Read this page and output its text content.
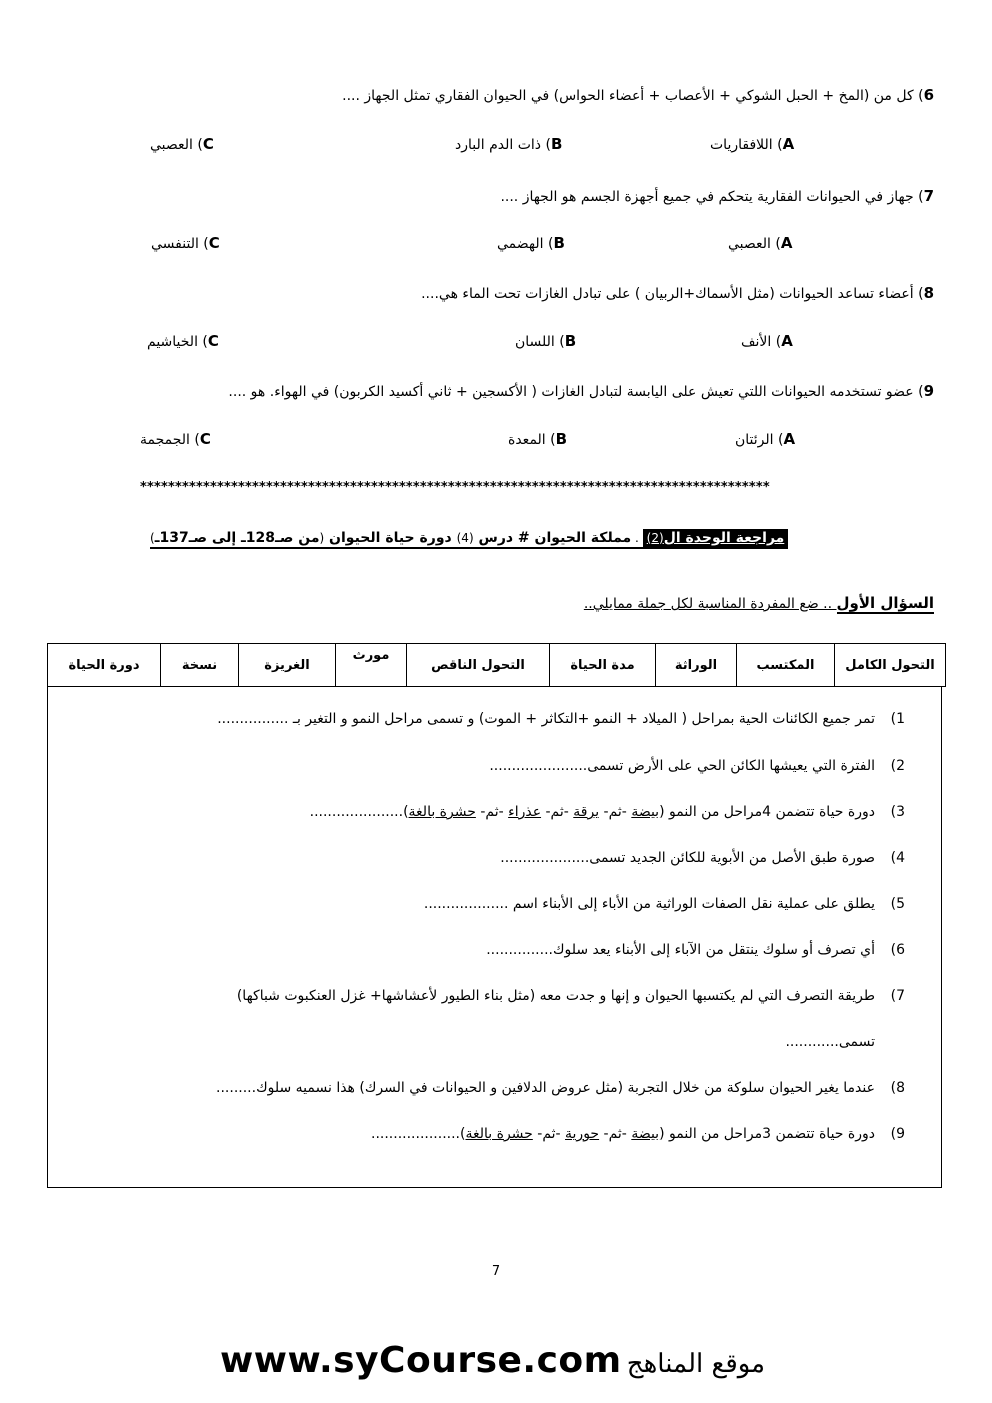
6) كل من (المخ + الحبل الشوكي + الأعصاب + أعضاء الحواس) في الحيوان الفقاري تمثل الجهاز ....
A) اللافقاريات
B) ذات الدم البارد
C) العصبي
7) جهاز في الحيوانات الفقارية يتحكم في جميع أجهزة الجسم هو الجهاز ....
A) العصبي
B) الهضمي
C) التنفسي
8) أعضاء تساعد الحيوانات (مثل الأسماك+الربيان ) على تبادل الغازات تحت الماء هي....
A) الأنف
B) اللسان
C) الخياشيم
9) عضو تستخدمه الحيوانات اللتي تعيش على اليابسة لتبادل الغازات ( الأكسجين + ثاني أكسيد الكربون) في الهواء. هو ....
A) الرئتان
B) المعدة
C) الجمجمة
******************************************************************************************
مراجعة الوحدة ال(2) . مملكة الحيوان # درس (4) دورة حياة الحيوان (من صـ128ـ إلى صـ137ـ)
السؤال الأول .. ضع المفردة المناسبة لكل جملة ممايلي..
التحول الكامل	المكتسب	الوراثة	مدة الحياة	التحول الناقص	مورث	الغريزة	نسخة	دورة الحياة
1)تمر جميع الكائنات الحية بمراحل ( الميلاد + النمو +التكاثر + الموت) و تسمى مراحل النمو و التغير بـ ................
2)الفترة التي يعيشها الكائن الحي على الأرض تسمى......................
3)دورة حياة تتضمن 4مراحل من النمو (بيضة -ثم- يرقة -ثم- عذراء -ثم- حشرة بالغة).....................
4)صورة طبق الأصل من الأبوية للكائن الجديد تسمى....................
5)يطلق على عملية نقل الصفات الوراثية من الأباء إلى الأبناء اسم ...................
6)أي تصرف أو سلوك ينتقل من الآباء إلى الأبناء يعد سلوك...............
7)طريقة التصرف التي لم يكتسبها الحيوان و إنها و جدت معه (مثل بناء الطيور لأعشاشها+ غزل العنكبوت شباكها)
تسمى............
8)عندما يغير الحيوان سلوكة من خلال التجربة (مثل عروض الدلافين و الحيوانات في السرك) هذا نسميه سلوك.........
9)دورة حياة تتضمن 3مراحل من النمو (بيضة -ثم- حورية -ثم- حشرة بالغة)....................
7
www.syCourse.com موقع المناهج
